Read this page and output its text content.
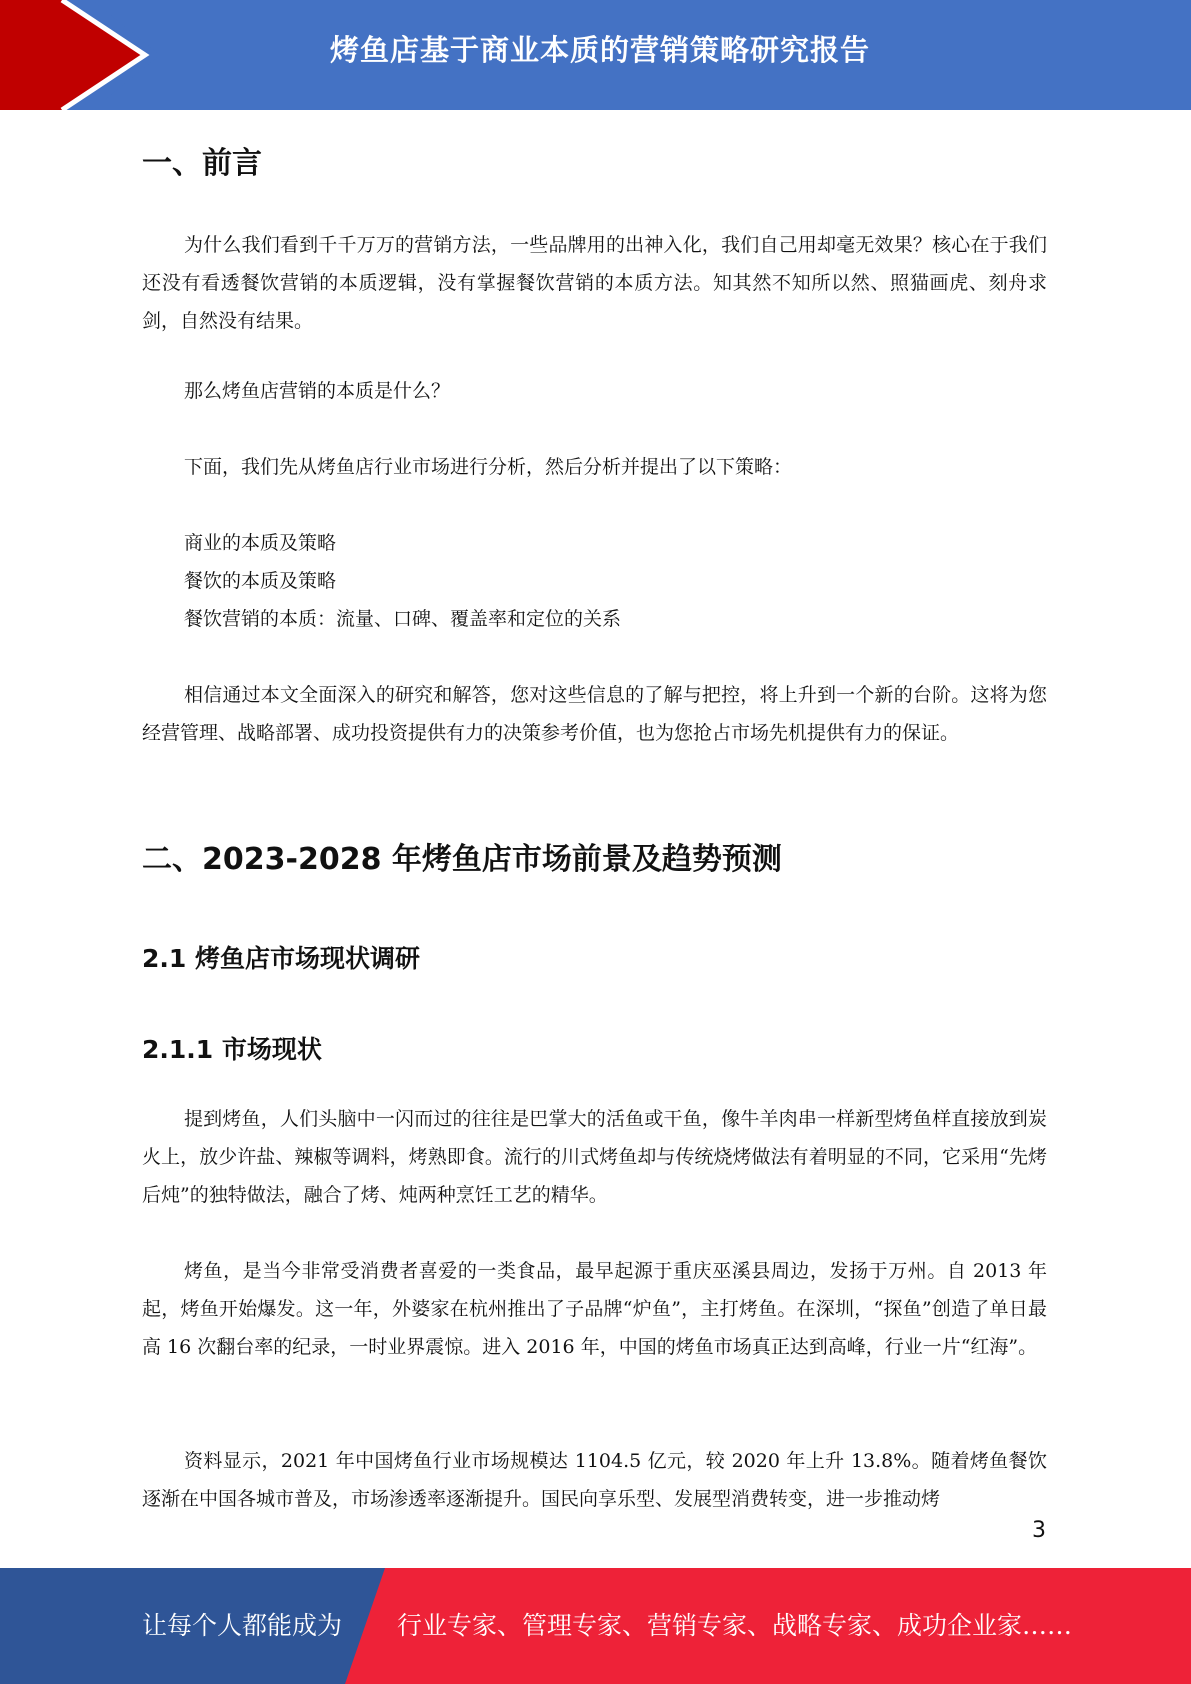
烤鱼店基于商业本质的营销策略研究报告
一、前言

为什么我们看到千千万万的营销方法，一些品牌用的出神入化，我们自己用却毫无效果？核心在于我们还没有看透餐饮营销的本质逻辑，没有掌握餐饮营销的本质方法。知其然不知所以然、照猫画虎、刻舟求剑，自然没有结果。

那么烤鱼店营销的本质是什么？

下面，我们先从烤鱼店行业市场进行分析，然后分析并提出了以下策略：

商业的本质及策略

餐饮的本质及策略

餐饮营销的本质：流量、口碑、覆盖率和定位的关系

相信通过本文全面深入的研究和解答，您对这些信息的了解与把控，将上升到一个新的台阶。这将为您经营管理、战略部署、成功投资提供有力的决策参考价值，也为您抢占市场先机提供有力的保证。

二、2023-2028 年烤鱼店市场前景及趋势预测
2.1 烤鱼店市场现状调研
2.1.1 市场现状

提到烤鱼，人们头脑中一闪而过的往往是巴掌大的活鱼或干鱼，像牛羊肉串一样新型烤鱼样直接放到炭火上，放少许盐、辣椒等调料，烤熟即食。流行的川式烤鱼却与传统烧烤做法有着明显的不同，它采用“先烤后炖”的独特做法，融合了烤、炖两种烹饪工艺的精华。

烤鱼，是当今非常受消费者喜爱的一类食品，最早起源于重庆巫溪县周边，发扬于万州。自 2013 年起，烤鱼开始爆发。这一年，外婆家在杭州推出了子品牌“炉鱼”，主打烤鱼。在深圳，“探鱼”创造了单日最高 16 次翻台率的纪录，一时业界震惊。进入 2016 年，中国的烤鱼市场真正达到高峰，行业一片“红海”。

资料显示，2021 年中国烤鱼行业市场规模达 1104.5 亿元，较 2020 年上升 13.8%。随着烤鱼餐饮逐渐在中国各城市普及，市场渗透率逐渐提升。国民向享乐型、发展型消费转变，进一步推动烤

3
让每个人都能成为 行业专家、管理专家、营销专家、战略专家、成功企业家……
